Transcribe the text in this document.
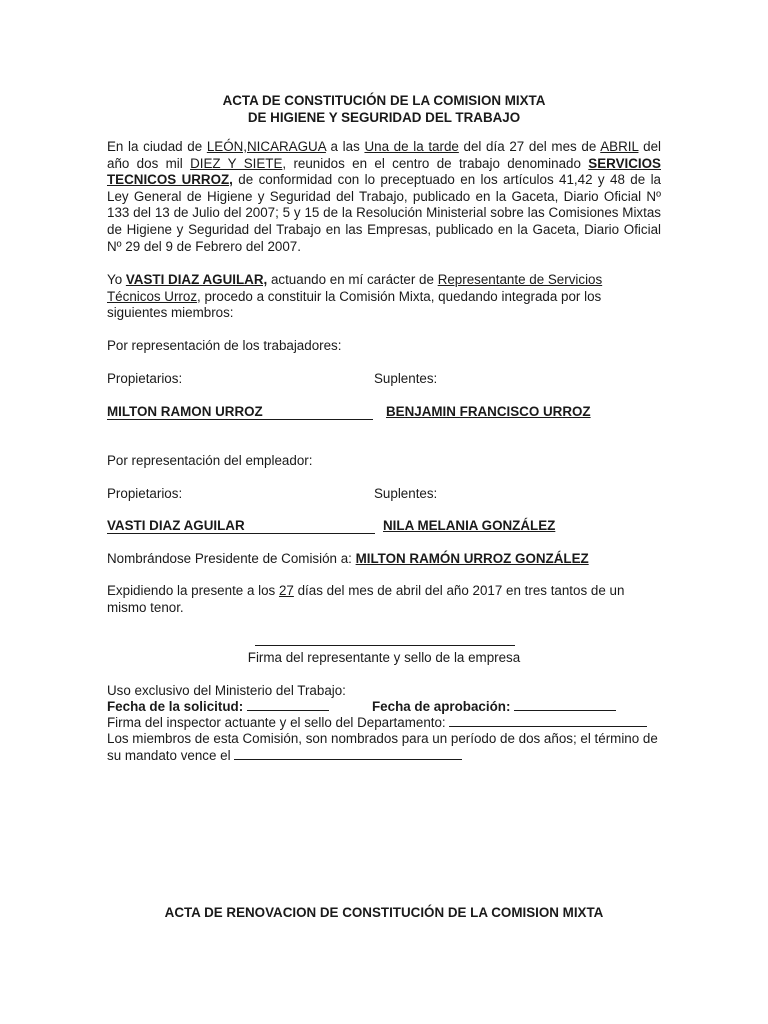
ACTA DE CONSTITUCIÓN DE LA COMISION MIXTA
DE HIGIENE Y SEGURIDAD DEL TRABAJO

En la ciudad de LEÓN,NICARAGUA a las Una de la tarde del día 27 del mes de ABRIL del año dos mil DIEZ Y SIETE, reunidos en el centro de trabajo denominado SERVICIOS TECNICOS URROZ, de conformidad con lo preceptuado en los artículos 41,42 y 48 de la Ley General de Higiene y Seguridad del Trabajo, publicado en la Gaceta, Diario Oficial Nº 133 del 13 de Julio del 2007; 5 y 15 de la Resolución Ministerial sobre las Comisiones Mixtas de Higiene y Seguridad del Trabajo en las Empresas, publicado en la Gaceta, Diario Oficial Nº 29 del 9 de Febrero del 2007.

Yo VASTI DIAZ AGUILAR, actuando en mí carácter de Representante de Servicios Técnicos Urroz, procedo a constituir la Comisión Mixta, quedando integrada por los siguientes miembros:

Por representación de los trabajadores:

Propietarios:	Suplentes:

MILTON RAMON URROZ	BENJAMIN FRANCISCO URROZ

Por representación del empleador:

Propietarios:	Suplentes:

VASTI DIAZ AGUILAR	NILA MELANIA GONZÁLEZ

Nombrándose Presidente de Comisión a: MILTON RAMÓN URROZ GONZÁLEZ

Expidiendo la presente a los 27 días del mes de abril del año 2017 en tres tantos de un mismo tenor.

Firma del representante y sello de la empresa

Uso exclusivo del Ministerio del Trabajo:

Fecha de la solicitud:	Fecha de aprobación:

Firma del inspector actuante y el sello del Departamento:

Los miembros de esta Comisión, son nombrados para un período de dos años; el término de su mandato vence el

ACTA DE RENOVACION DE CONSTITUCIÓN DE LA COMISION MIXTA
